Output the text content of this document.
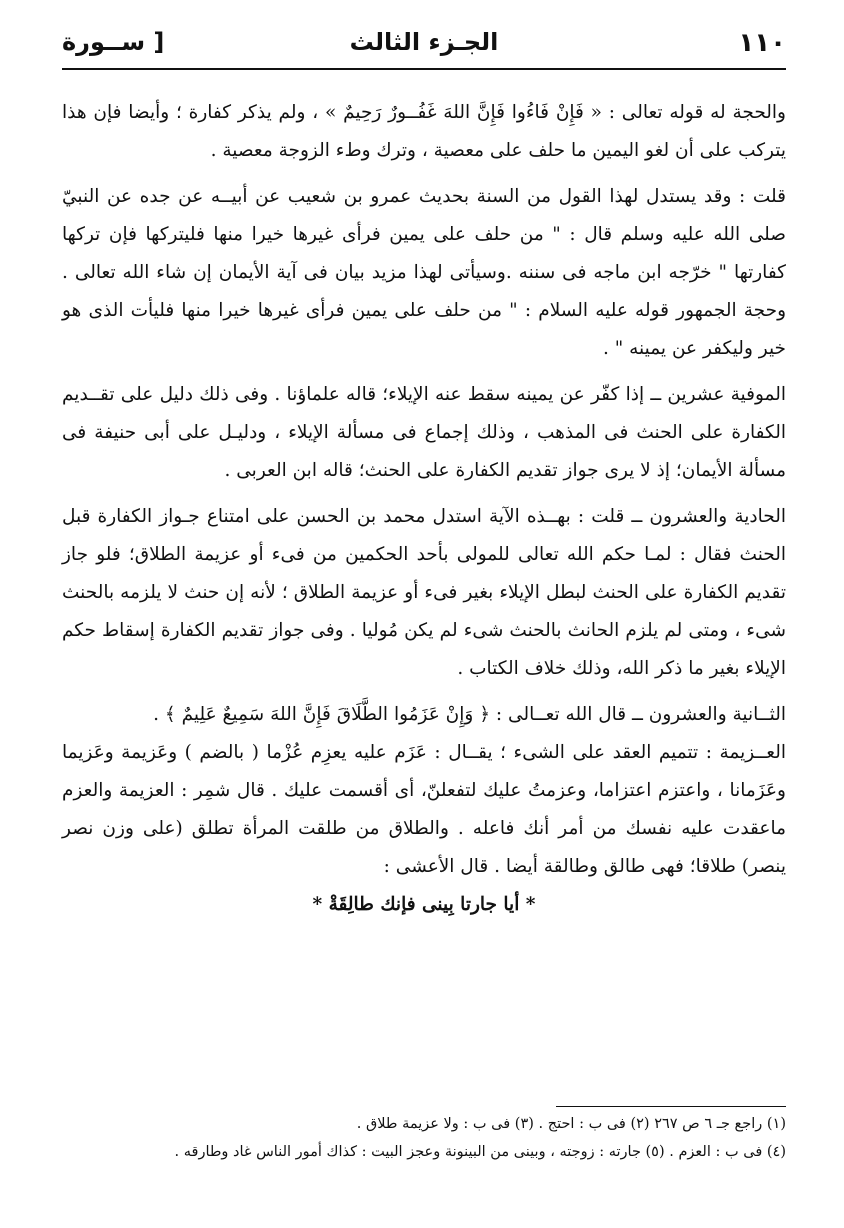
١١٠
الجـزء الثالث
[ ســورة

والحجة له قوله تعالى : « فَإِنْ فَاءُوا فَإِنَّ اللهَ غَفُــورٌ رَحِيمٌ » ، ولم يذكر كفارة ؛ وأيضا فإن هذا يتركب على أن لغو اليمين ما حلف على معصية ، وترك وطء الزوجة معصية .

قلت : وقد يستدل لهذا القول من السنة بحديث عمرو بن شعيب عن أبيــه عن جده عن النبيّ صلى الله عليه وسلم قال : " من حلف على يمين فرأى غيرها خيرا منها فليتركها فإن تركها كفارتها " خرّجه ابن ماجه فى سننه .وسيأتى لهذا مزيد بيان فى آية الأيمان إن شاء الله تعالى . وحجة الجمهور قوله عليه السلام : " من حلف على يمين فرأى غيرها خيرا منها فليأت الذى هو خير وليكفر عن يمينه " .

الموفية عشرين ــ إذا كفّر عن يمينه سقط عنه الإيلاء؛ قاله علماؤنا . وفى ذلك دليل على تقــديم الكفارة على الحنث فى المذهب ، وذلك إجماع فى مسألة الإيلاء ، ودليـل على أبى حنيفة فى مسألة الأيمان؛ إذ لا يرى جواز تقديم الكفارة على الحنث؛ قاله ابن العربى .

الحادية والعشرون ــ قلت : بهــذه الآية استدل محمد بن الحسن على امتناع جـواز الكفارة قبل الحنث فقال : لمـا حكم الله تعالى للمولى بأحد الحكمين من فىء أو عزيمة الطلاق؛ فلو جاز تقديم الكفارة على الحنث لبطل الإيلاء بغير فىء أو عزيمة الطلاق ؛ لأنه إن حنث لا يلزمه بالحنث شىء ، ومتى لم يلزم الحانث بالحنث شىء لم يكن مُوليا . وفى جواز تقديم الكفارة إسقاط حكم الإيلاء بغير ما ذكر الله، وذلك خلاف الكتاب .

الثــانية والعشرون ــ قال الله تعــالى : ﴿ وَإِنْ عَزَمُوا الطَّلَاقَ فَإِنَّ اللهَ سَمِيعٌ عَلِيمٌ ﴾ .

العــزيمة : تتميم العقد على الشىء ؛ يقــال : عَزَم عليه يعزِم عُزْما ( بالضم ) وعَزيمة وعَزيما وعَزَمانا ، واعتزم اعتزاما، وعزمتُ عليك لتفعلنّ، أى أقسمت عليك . قال شمِر : العزيمة والعزم ماعقدت عليه نفسك من أمر أنك فاعله . والطلاق من طلقت المرأة تطلق (على وزن نصر ينصر) طلاقا؛ فهى طالق وطالقة أيضا . قال الأعشى :

* أيا جارتا بِينى فإنك طالِقَةْ *

(١) راجع جـ ٦ ص ٢٦٧ (٢) فى ب : احتج . (٣) فى ب : ولا عزيمة طلاق .
(٤) فى ب : العزم . (٥) جارته : زوجته ، وبينى من البينونة وعجز البيت : كذاك أمور الناس غاد وطارقه .
